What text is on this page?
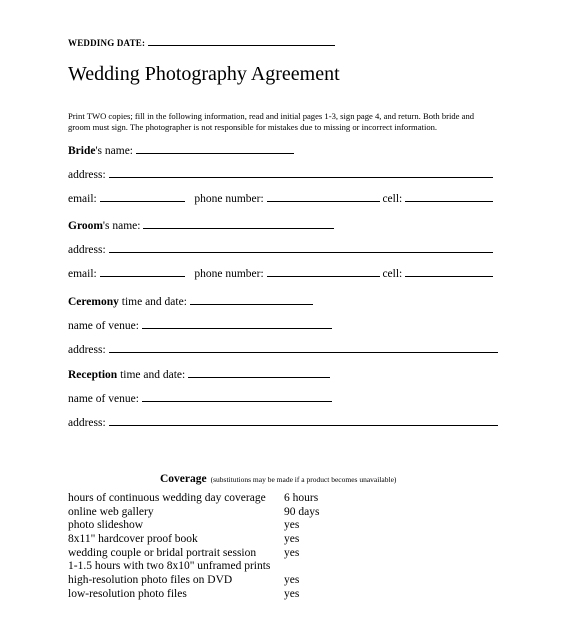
WEDDING DATE:
Wedding Photography Agreement
Print TWO copies; fill in the following information, read and initial pages 1-3, sign page 4, and return. Both bride and
groom must sign. The photographer is not responsible for mistakes due to missing or incorrect information.
Bride's name:
address:
email:	phone number:	cell:
Groom's name:
address:
email:	phone number:	cell:
Ceremony time and date:
name of venue:
address:
Reception time and date:
name of venue:
address:
Coverage (substitutions may be made if a product becomes unavailable)
hours of continuous wedding day coverage 6 hours
online web gallery	90 days
photo slideshow	yes
8x11" hardcover proof book	yes
wedding couple or bridal portrait session yes
1-1.5 hours with two 8x10" unframed prints
high-resolution photo files on DVD	yes
low-resolution photo files	yes
